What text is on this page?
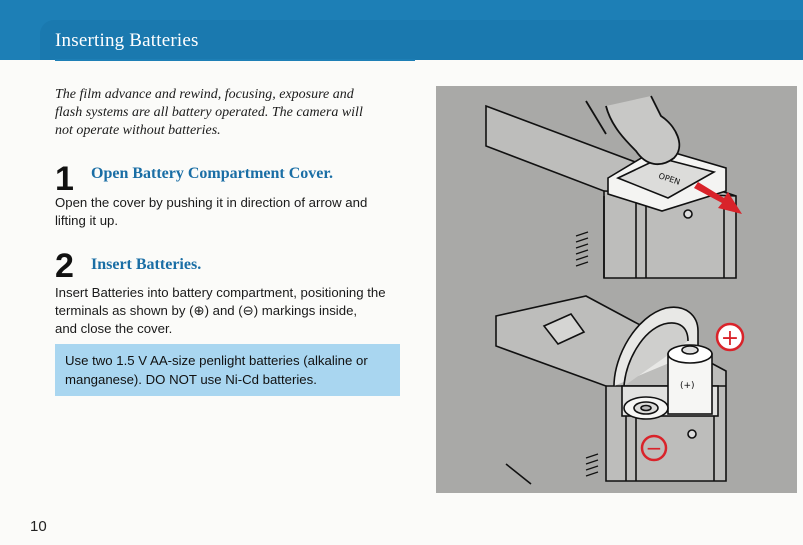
Inserting Batteries
The film advance and rewind, focusing, exposure and
flash systems are all battery operated. The camera will
not operate without batteries.
1 Open Battery Compartment Cover.
Open the cover by pushing it in direction of arrow and
lifting it up.
2 Insert Batteries.
Insert Batteries into battery compartment, positioning the
terminals as shown by (⊕) and (⊖) markings inside,
and close the cover.
Use two 1.5 V AA-size penlight batteries (alkaline or
manganese). DO NOT use Ni-Cd batteries.
10
OPEN
(+)
+
−
